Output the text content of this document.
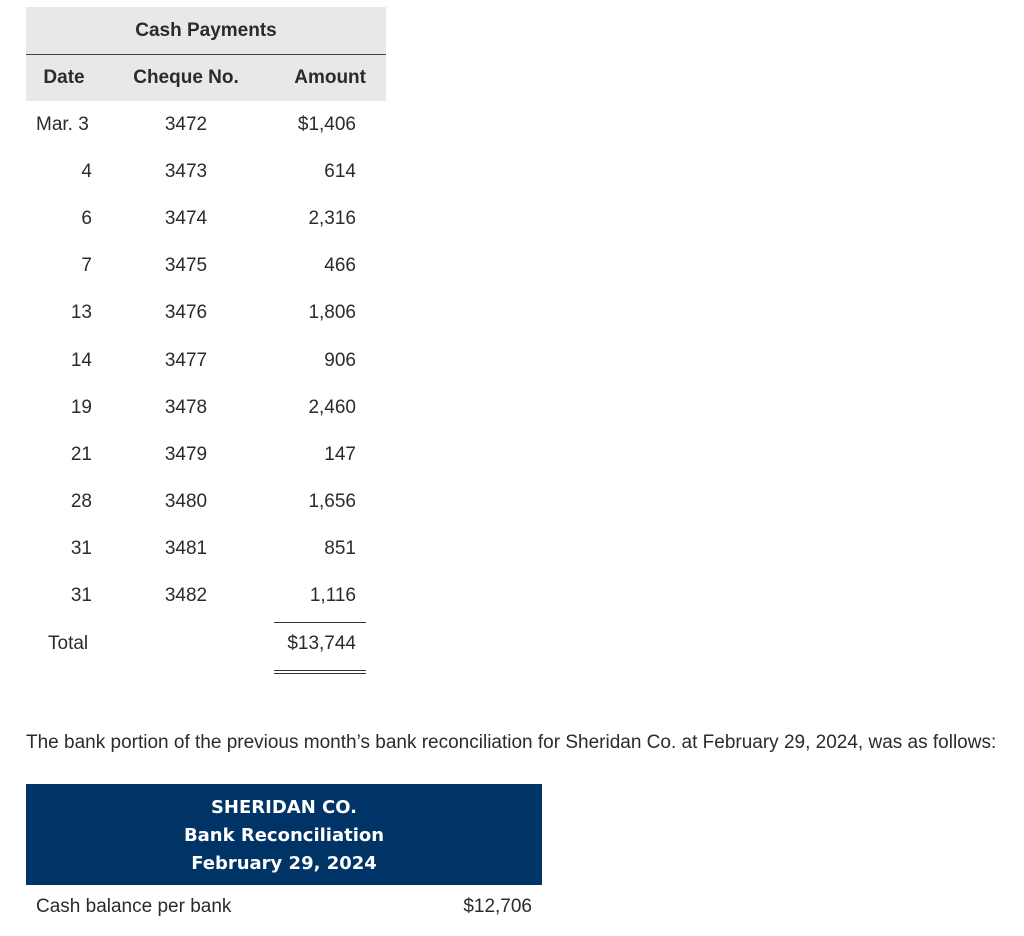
Cash Payments		
Date	Cheque No.	Amount
Mar. 3	3472	$1,406
4	3473	614
6	3474	2,316
7	3475	466
13	3476	1,806
14	3477	906
19	3478	2,460
21	3479	147
28	3480	1,656
31	3481	851
31	3482	1,116
Total		$13,744
The bank portion of the previous month’s bank reconciliation for Sheridan Co. at February 29, 2024, was as follows:
SHERIDAN CO.
Bank Reconciliation
February 29, 2024
Cash balance per bank	$12,706
